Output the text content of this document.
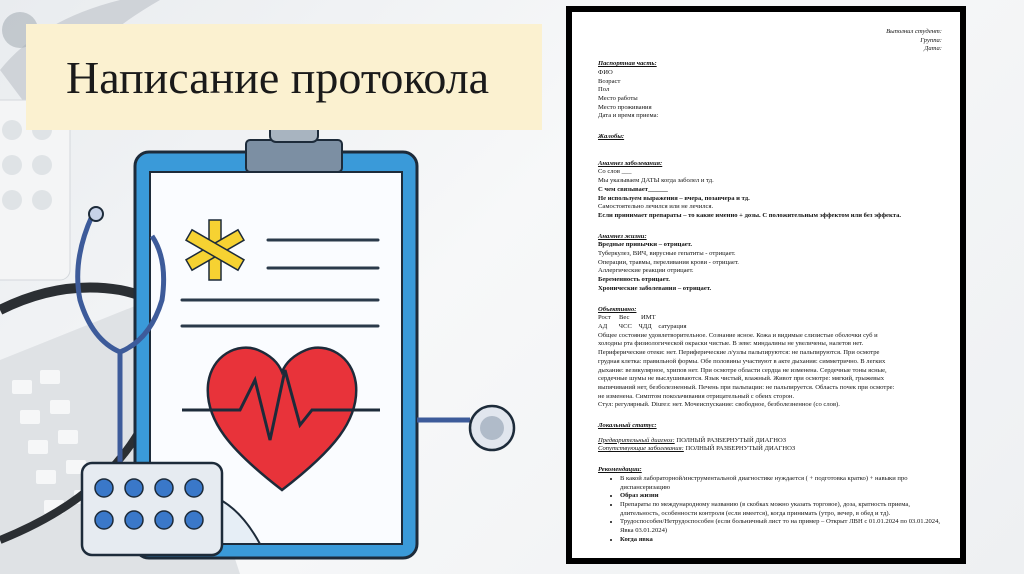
Написание протокола
Выполнил студент:
Группа:
Дата:
Паспортная часть:
ФИО
Возраст
Пол
Место работы
Место проживания
Дата и время приема:
Жалобы:
Анамнез заболевания:
Со слов ___
Мы указываем ДАТЫ когда заболел и тд.
С чем связывает______
Не используем выражения – вчера, позавчера и тд.
Самостоятельно лечился или не лечился.
Если принимает препараты – то какие именно + дозы. С положительным эффектом или без эффекта.
Анамнез жизни:
Вредные привычки – отрицает.
Туберкулез, ВИЧ, вирусные гепатиты - отрицает.
Операции, травмы, переливания крови - отрицает.
Аллергические реакции отрицает.
Беременность отрицает.
Хронические заболевания – отрицает.
Объективно:
Рост     Вес       ИМТ
АД       ЧСС    ЧДД    сатурация
Общее состояние удовлетворительное. Сознание ясное. Кожа и видимые слизистые оболочки суб и
холодны рта физиологической окраски чистые. В зеве: миндалины не увеличены, налетов нет.
Периферические отеки: нет. Периферические л/узлы пальпируются: не пальпируются. При осмотре
грудная клетка: правильной формы. Обе половины участвуют в акте дыхания: симметрично. В легких
дыхание: везикулярное, хрипов нет. При осмотре области сердца не изменена. Сердечные тоны ясные,
сердечные шумы не выслушиваются. Язык чистый, влажный. Живот при осмотре: мягкий, грыжевых
выпячиваний нет, безболезненный. Печень при пальпации: не пальпируется. Область почек при осмотре:
не изменена. Симптом поколачивания отрицательный с обеих сторон.
Стул: регулярный. Diurез: нет. Мочеиспускание: свободное, безболезненное (со слов).
Локальный статус:
Предварительный диагноз: ПОЛНЫЙ РАЗВЕРНУТЫЙ ДИАГНОЗ
Сопутствующие заболевания: ПОЛНЫЙ РАЗВЕРНУТЫЙ ДИАГНОЗ
Рекомендации:
• В какой лабораторной/инструментальной диагностике нуждается ( + подготовка кратко) + навыки про диспансеризацию
• Образ жизни
• Препараты по международному названию (в скобках можно указать торговое), доза, кратность приема, длительность, особенности контроля (если имеется), когда принимать (утро, вечер, в обед и тд).
• Трудоспособен/Нетрудоспособен (если больничный лист то на пример – Открыт ЛВН с 01.01.2024 по 03.01.2024, Явка 03.01.2024)
• Когда явка
